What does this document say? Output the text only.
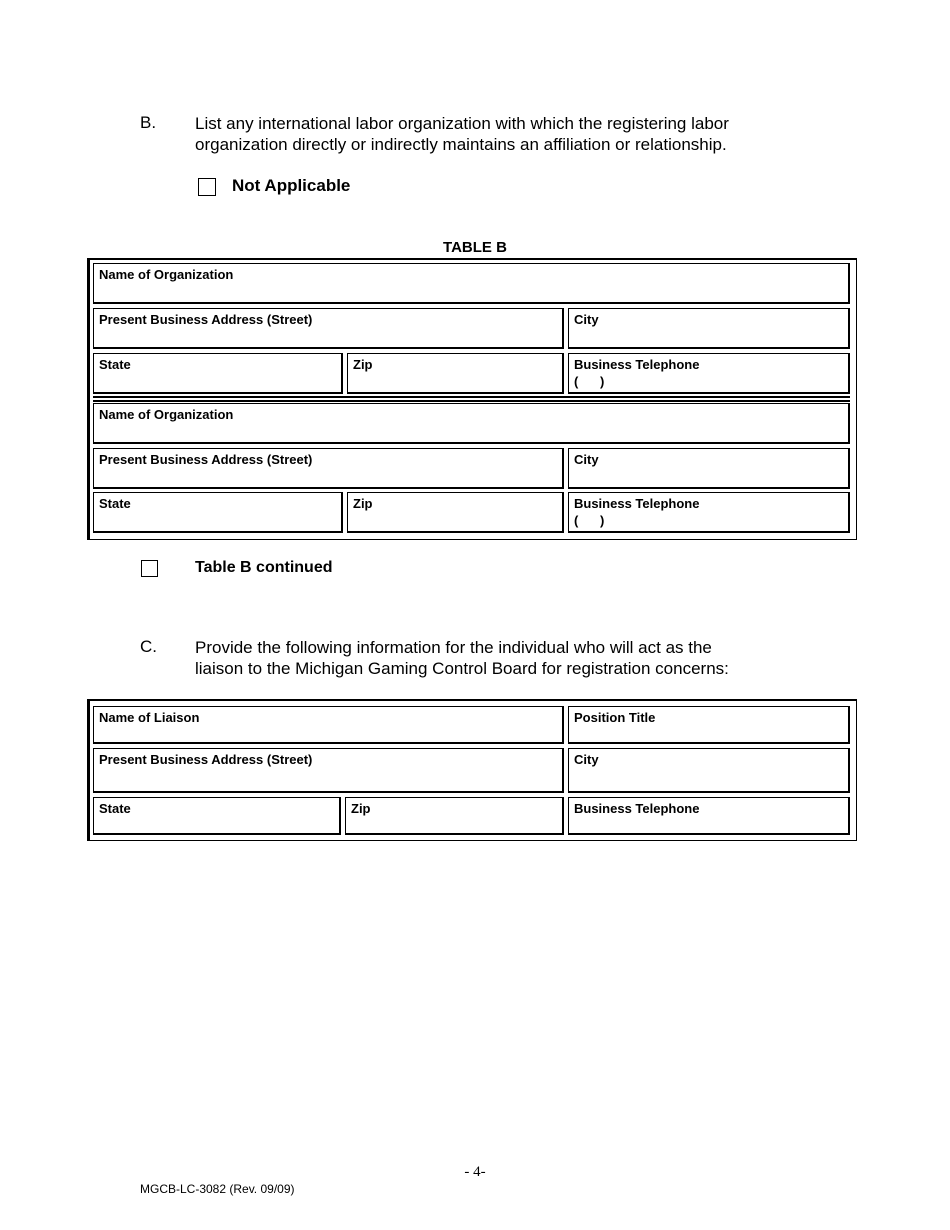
B. List any international labor organization with which the registering labor
organization directly or indirectly maintains an affiliation or relationship.
Not Applicable
TABLE B
Name of Organization
Present Business Address (Street)	City
State	Zip	Business Telephone
(      )
Name of Organization
Present Business Address (Street)	City
State	Zip	Business Telephone
(      )
Table B continued
C. Provide the following information for the individual who will act as the
liaison to the Michigan Gaming Control Board for registration concerns:
Name of Liaison	Position Title
Present Business Address (Street)	City
State	Zip	Business Telephone
- 4-
MGCB-LC-3082 (Rev. 09/09)
